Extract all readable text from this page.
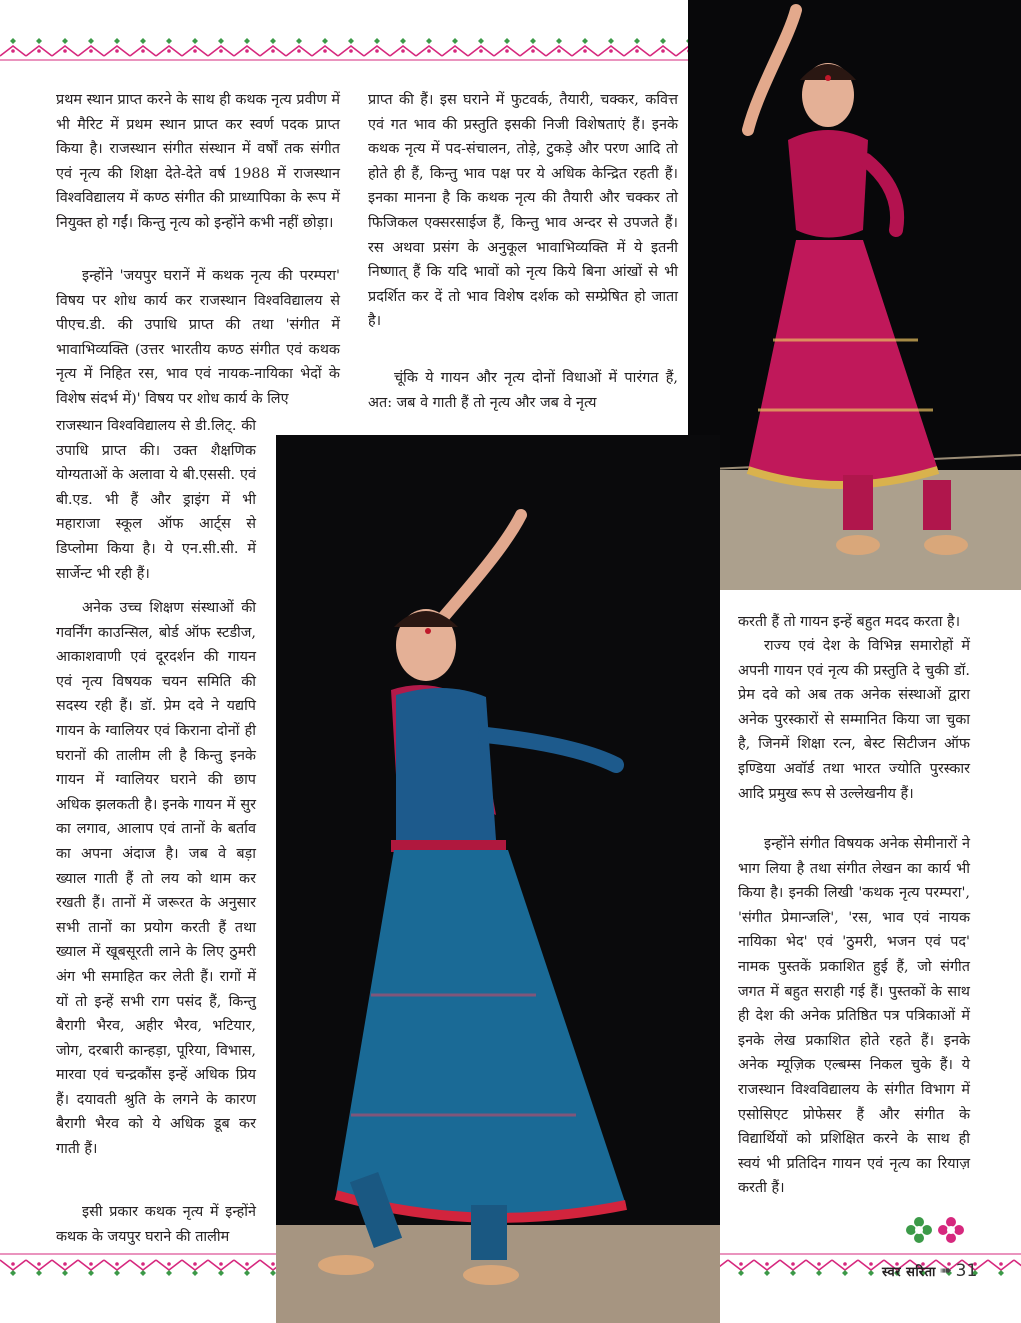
प्रथम स्थान प्राप्त करने के साथ ही कथक नृत्य प्रवीण में भी मैरिट में प्रथम स्थान प्राप्त कर स्वर्ण पदक प्राप्त किया है। राजस्थान संगीत संस्थान में वर्षों तक संगीत एवं नृत्य की शिक्षा देते-देते वर्ष 1988 में राजस्थान विश्वविद्यालय में कण्ठ संगीत की प्राध्यापिका के रूप में नियुक्त हो गईं। किन्तु नृत्य को इन्होंने कभी नहीं छोड़ा।

इन्होंने 'जयपुर घरानें में कथक नृत्य की परम्परा' विषय पर शोध कार्य कर राजस्थान विश्वविद्यालय से पीएच.डी. की उपाधि प्राप्त की तथा 'संगीत में भावाभिव्यक्ति (उत्तर भारतीय कण्ठ संगीत एवं कथक नृत्य में निहित रस, भाव एवं नायक-नायिका भेदों के विशेष संदर्भ में)' विषय पर शोध कार्य के लिए

राजस्थान विश्वविद्यालय से डी.लिट्. की उपाधि प्राप्त की। उक्त शैक्षणिक योग्यताओं के अलावा ये बी.एससी. एवं बी.एड. भी हैं और ड्राइंग में भी महाराजा स्कूल ऑफ आर्ट्स से डिप्लोमा किया है। ये एन.सी.सी. में सार्जेन्ट भी रही हैं।

अनेक उच्च शिक्षण संस्थाओं की गवर्निंग काउन्सिल, बोर्ड ऑफ स्टडीज, आकाशवाणी एवं दूरदर्शन की गायन एवं नृत्य विषयक चयन समिति की सदस्य रही हैं। डॉ. प्रेम दवे ने यद्यपि गायन के ग्वालियर एवं किराना दोनों ही घरानों की तालीम ली है किन्तु इनके गायन में ग्वालियर घराने की छाप अधिक झलकती है। इनके गायन में सुर का लगाव, आलाप एवं तानों के बर्ताव का अपना अंदाज है। जब वे बड़ा ख्याल गाती हैं तो लय को थाम कर रखती हैं। तानों में जरूरत के अनुसार सभी तानों का प्रयोग करती हैं तथा ख्याल में खूबसूरती लाने के लिए ठुमरी अंग भी समाहित कर लेती हैं। रागों में यों तो इन्हें सभी राग पसंद हैं, किन्तु बैरागी भैरव, अहीर भैरव, भटियार, जोग, दरबारी कान्हड़ा, पूरिया, विभास, मारवा एवं चन्द्रकौंस इन्हें अधिक प्रिय हैं। दयावती श्रुति के लगने के कारण बैरागी भैरव को ये अधिक डूब कर गाती हैं।

इसी प्रकार कथक नृत्य में इन्होंने कथक के जयपुर घराने की तालीम

प्राप्त की हैं। इस घराने में फुटवर्क, तैयारी, चक्कर, कवित्त एवं गत भाव की प्रस्तुति इसकी निजी विशेषताएं हैं। इनके कथक नृत्य में पद-संचालन, तोड़े, टुकड़े और परण आदि तो होते ही हैं, किन्तु भाव पक्ष पर ये अधिक केन्द्रित रहती हैं। इनका मानना है कि कथक नृत्य की तैयारी और चक्कर तो फिजिकल एक्सरसाईज हैं, किन्तु भाव अन्दर से उपजते हैं। रस अथवा प्रसंग के अनुकूल भावाभिव्यक्ति में ये इतनी निष्णात् हैं कि यदि भावों को नृत्य किये बिना आंखों से भी प्रदर्शित कर दें तो भाव विशेष दर्शक को सम्प्रेषित हो जाता है।

चूंकि ये गायन और नृत्य दोनों विधाओं में पारंगत हैं, अत: जब वे गाती हैं तो नृत्य और जब वे नृत्य

करती हैं तो गायन इन्हें बहुत मदद करता है।

राज्य एवं देश के विभिन्न समारोहों में अपनी गायन एवं नृत्य की प्रस्तुति दे चुकी डॉ. प्रेम दवे को अब तक अनेक संस्थाओं द्वारा अनेक पुरस्कारों से सम्मानित किया जा चुका है, जिनमें शिक्षा रत्न, बेस्ट सिटीजन ऑफ इण्डिया अवॉर्ड तथा भारत ज्योति पुरस्कार आदि प्रमुख रूप से उल्लेखनीय हैं।

इन्होंने संगीत विषयक अनेक सेमीनारों ने भाग लिया है तथा संगीत लेखन का कार्य भी किया है। इनकी लिखी 'कथक नृत्य परम्परा', 'संगीत प्रेमान्जलि', 'रस, भाव एवं नायक नायिका भेद' एवं 'ठुमरी, भजन एवं पद' नामक पुस्तकें प्रकाशित हुई हैं, जो संगीत जगत में बहुत सराही गई हैं। पुस्तकों के साथ ही देश की अनेक प्रतिष्ठित पत्र पत्रिकाओं में इनके लेख प्रकाशित होते रहते हैं। इनके अनेक म्यूज़िक एल्बम्स निकल चुके हैं। ये राजस्थान विश्वविद्यालय के संगीत विभाग में एसोसिएट प्रोफेसर हैं और संगीत के विद्यार्थियों को प्रशिक्षित करने के साथ ही स्वयं भी प्रतिदिन गायन एवं नृत्य का रियाज़ करती हैं।

स्वर सरिता ➠ 31
